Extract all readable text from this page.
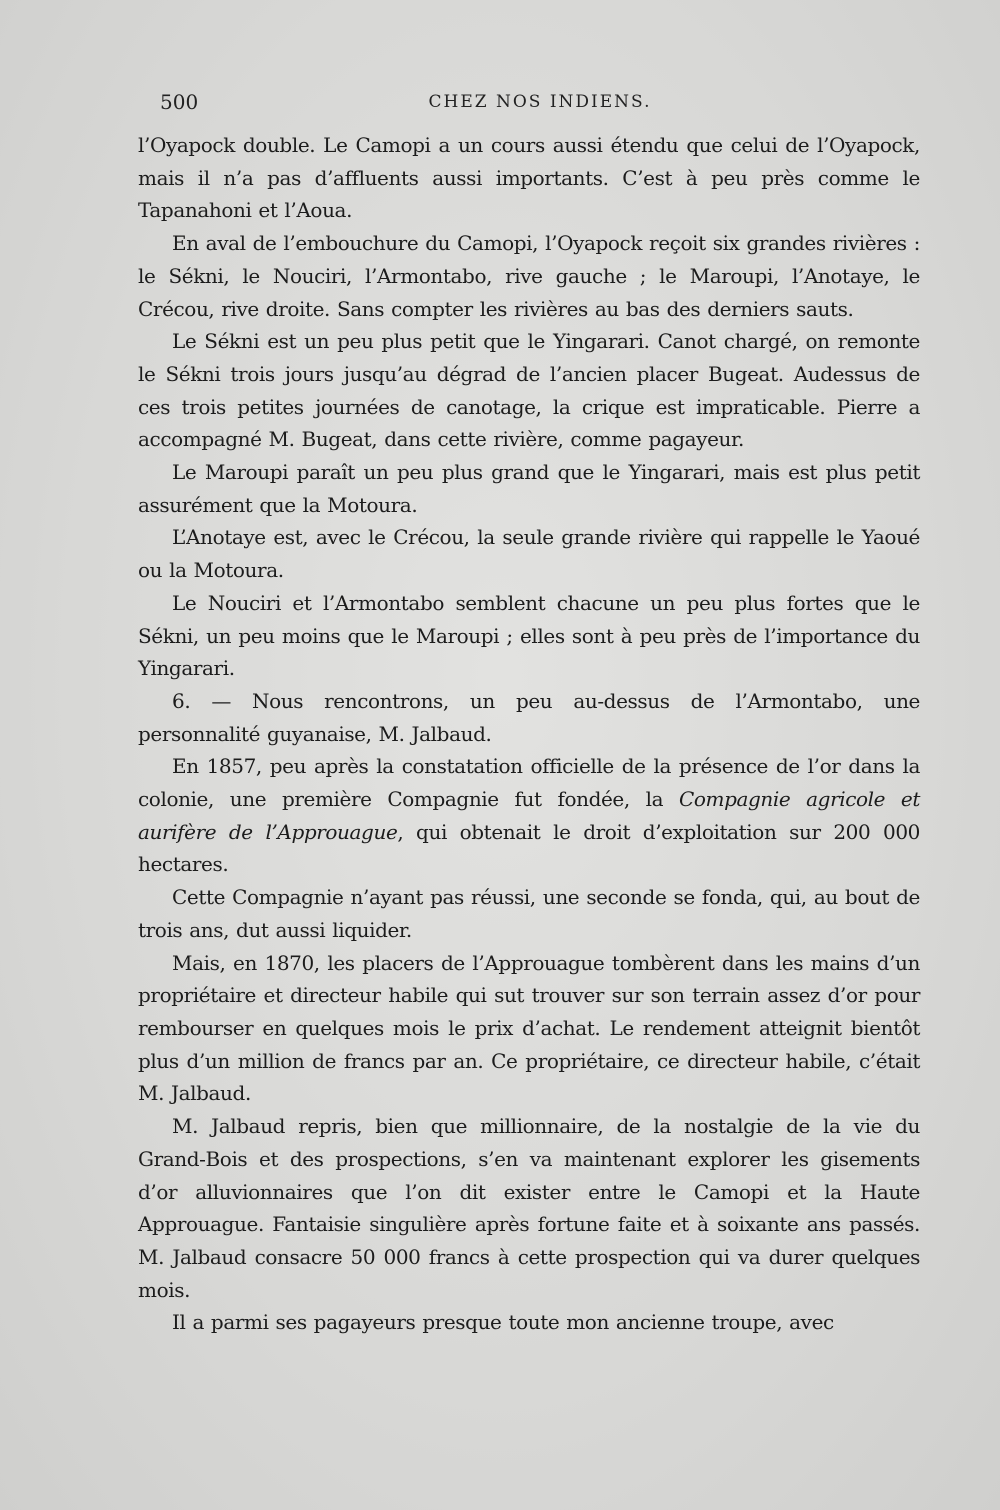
500	CHEZ NOS INDIENS.

l’Oyapock double. Le Camopi a un cours aussi étendu que celui de l’Oyapock, mais il n’a pas d’affluents aussi importants. C’est à peu près comme le Tapanahoni et l’Aoua.

En aval de l’embouchure du Camopi, l’Oyapock reçoit six grandes rivières : le Sékni, le Nouciri, l’Armontabo, rive gauche ; le Maroupi, l’Anotaye, le Crécou, rive droite. Sans compter les rivières au bas des derniers sauts.

Le Sékni est un peu plus petit que le Yingarari. Canot chargé, on remonte le Sékni trois jours jusqu’au dégrad de l’ancien placer Bugeat. Audessus de ces trois petites journées de canotage, la crique est impraticable. Pierre a accompagné M. Bugeat, dans cette rivière, comme pagayeur.

Le Maroupi paraît un peu plus grand que le Yingarari, mais est plus petit assurément que la Motoura.

L’Anotaye est, avec le Crécou, la seule grande rivière qui rappelle le Yaoué ou la Motoura.

Le Nouciri et l’Armontabo semblent chacune un peu plus fortes que le Sékni, un peu moins que le Maroupi ; elles sont à peu près de l’importance du Yingarari.

6. — Nous rencontrons, un peu au-dessus de l’Armontabo, une personnalité guyanaise, M. Jalbaud.

En 1857, peu après la constatation officielle de la présence de l’or dans la colonie, une première Compagnie fut fondée, la Compagnie agricole et aurifère de l’Approuague, qui obtenait le droit d’exploitation sur 200 000 hectares.

Cette Compagnie n’ayant pas réussi, une seconde se fonda, qui, au bout de trois ans, dut aussi liquider.

Mais, en 1870, les placers de l’Approuague tombèrent dans les mains d’un propriétaire et directeur habile qui sut trouver sur son terrain assez d’or pour rembourser en quelques mois le prix d’achat. Le rendement atteignit bientôt plus d’un million de francs par an. Ce propriétaire, ce directeur habile, c’était M. Jalbaud.

M. Jalbaud repris, bien que millionnaire, de la nostalgie de la vie du Grand-Bois et des prospections, s’en va maintenant explorer les gisements d’or alluvionnaires que l’on dit exister entre le Camopi et la Haute Approuague. Fantaisie singulière après fortune faite et à soixante ans passés. M. Jalbaud consacre 50 000 francs à cette prospection qui va durer quelques mois.

Il a parmi ses pagayeurs presque toute mon ancienne troupe, avec
